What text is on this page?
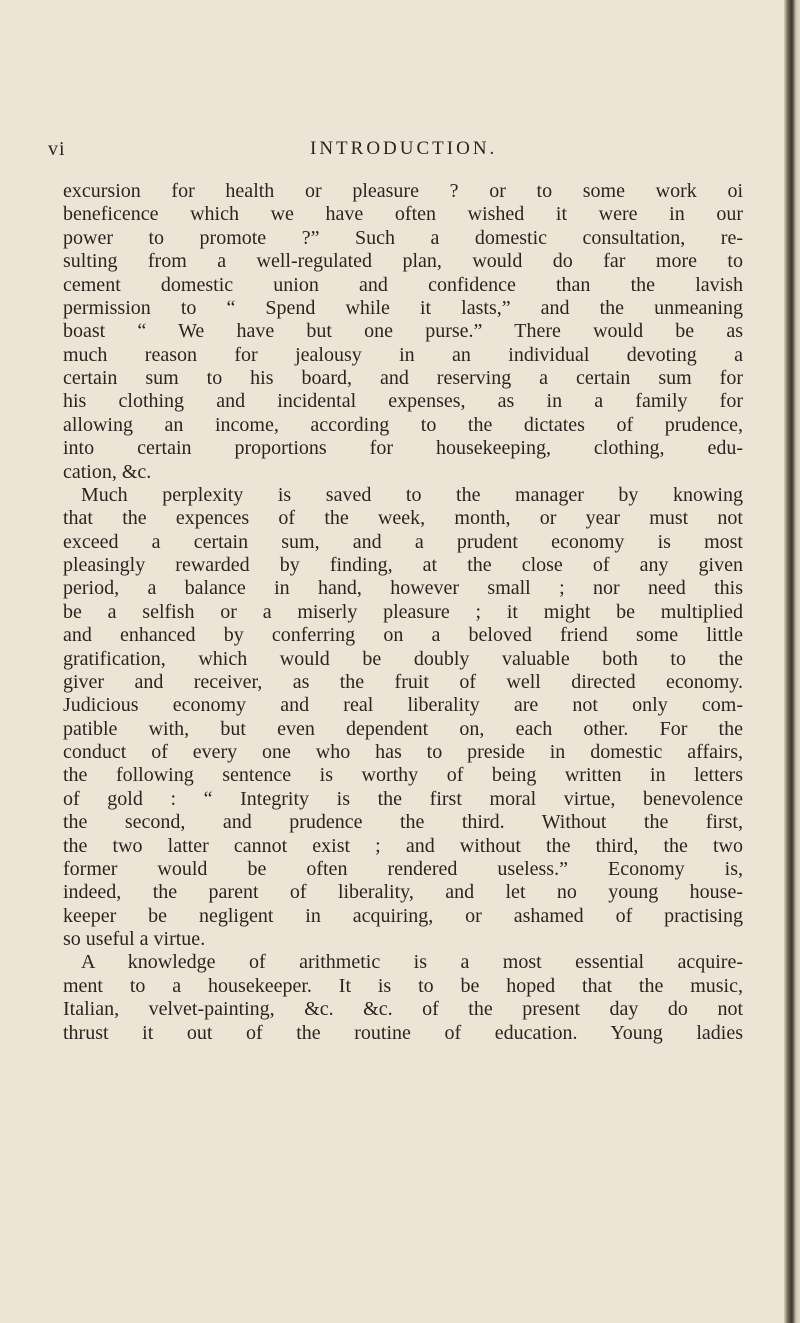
vi	INTRODUCTION.
excursion for health or pleasure ? or to some work oi
beneficence which we have often wished it were in our
power to promote ?” Such a domestic consultation, re-
sulting from a well-regulated plan, would do far more to
cement domestic union and confidence than the lavish
permission to “ Spend while it lasts,” and the unmeaning
boast “ We have but one purse.” There would be as
much reason for jealousy in an individual devoting a
certain sum to his board, and reserving a certain sum for
his clothing and incidental expenses, as in a family for
allowing an income, according to the dictates of prudence,
into certain proportions for housekeeping, clothing, edu-
cation, &c.
Much perplexity is saved to the manager by knowing
that the expences of the week, month, or year must not
exceed a certain sum, and a prudent economy is most
pleasingly rewarded by finding, at the close of any given
period, a balance in hand, however small ; nor need this
be a selfish or a miserly pleasure ; it might be multiplied
and enhanced by conferring on a beloved friend some little
gratification, which would be doubly valuable both to the
giver and receiver, as the fruit of well directed economy.
Judicious economy and real liberality are not only com-
patible with, but even dependent on, each other. For the
conduct of every one who has to preside in domestic affairs,
the following sentence is worthy of being written in letters
of gold : “ Integrity is the first moral virtue, benevolence
the second, and prudence the third. Without the first,
the two latter cannot exist ; and without the third, the two
former would be often rendered useless.” Economy is,
indeed, the parent of liberality, and let no young house-
keeper be negligent in acquiring, or ashamed of practising
so useful a virtue.
A knowledge of arithmetic is a most essential acquire-
ment to a housekeeper. It is to be hoped that the music,
Italian, velvet-painting, &c. &c. of the present day do not
thrust it out of the routine of education. Young ladies
